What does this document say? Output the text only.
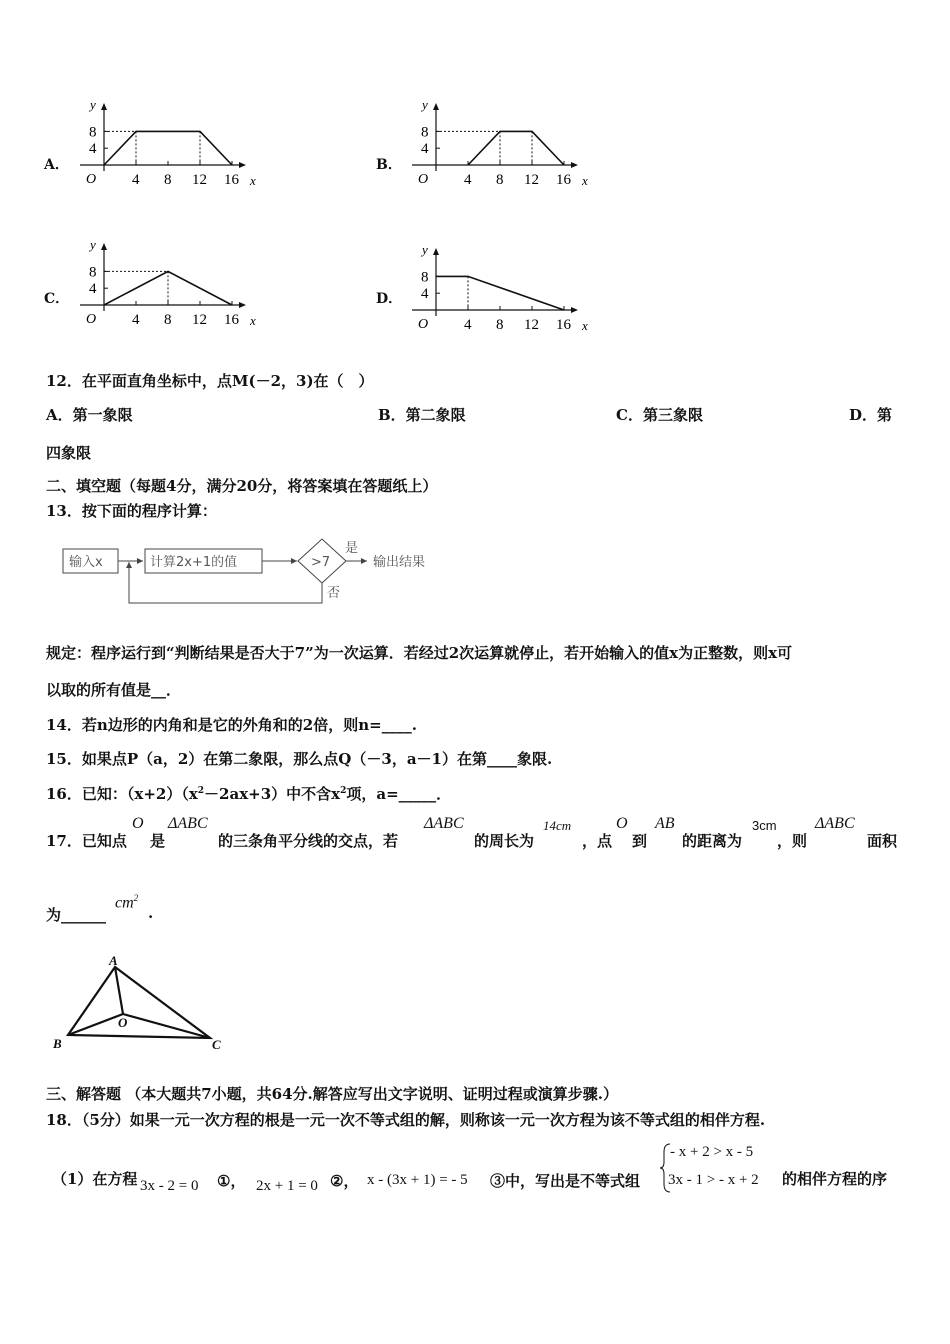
A．
x
y
O 4 8 12 16
4
8
B．
x
y
O 4 8 12 16
4
8
C．
x
y
O 4 8 12 16
4
8
D．
x
y
O 4 8 12 16
4
8
12．在平面直角坐标中，点M(－2，3)在（　）
A．第一象限	B．第二象限	C．第三象限	D．第
四象限
二、填空题（每题4分，满分20分，将答案填在答题纸上）
13．按下面的程序计算：
输入x	计算2x+1的值	>7
是
输出结果
否
规定：程序运行到“判断结果是否大于7”为一次运算．若经过2次运算就停止，若开始输入的值x为正整数，则x可
以取的所有值是__．
14．若n边形的内角和是它的外角和的2倍，则n=____.
15．如果点P（a，2）在第二象限，那么点Q（－3，a－1）在第____象限.
16．已知：$(x+2)(x^2-2ax+3)$中不含$x^2$项，a=_____．
17．已知点
O
是
ΔABC
的三条角平分线的交点，若
ΔABC
的周长为
14cm
，点
O
到
AB
的距离为
3cm
，则
ΔABC
面积
为______
$cm^2$
.
A
B	C
O
三、解答题 （本大题共7小题，共64分.解答应写出文字说明、证明过程或演算步骤.）
18．（5分）如果一元一次方程的根是一元一次不等式组的解，则称该一元一次方程为该不等式组的相伴方程.
（1）在方程 3x - 2 = 0 ①， 2x + 1 = 0 ②， x - (3x + 1) = - 5 ③中，写出是不等式组
- x + 2 > x - 5
3x - 1 > - x + 2 的相伴方程的序
